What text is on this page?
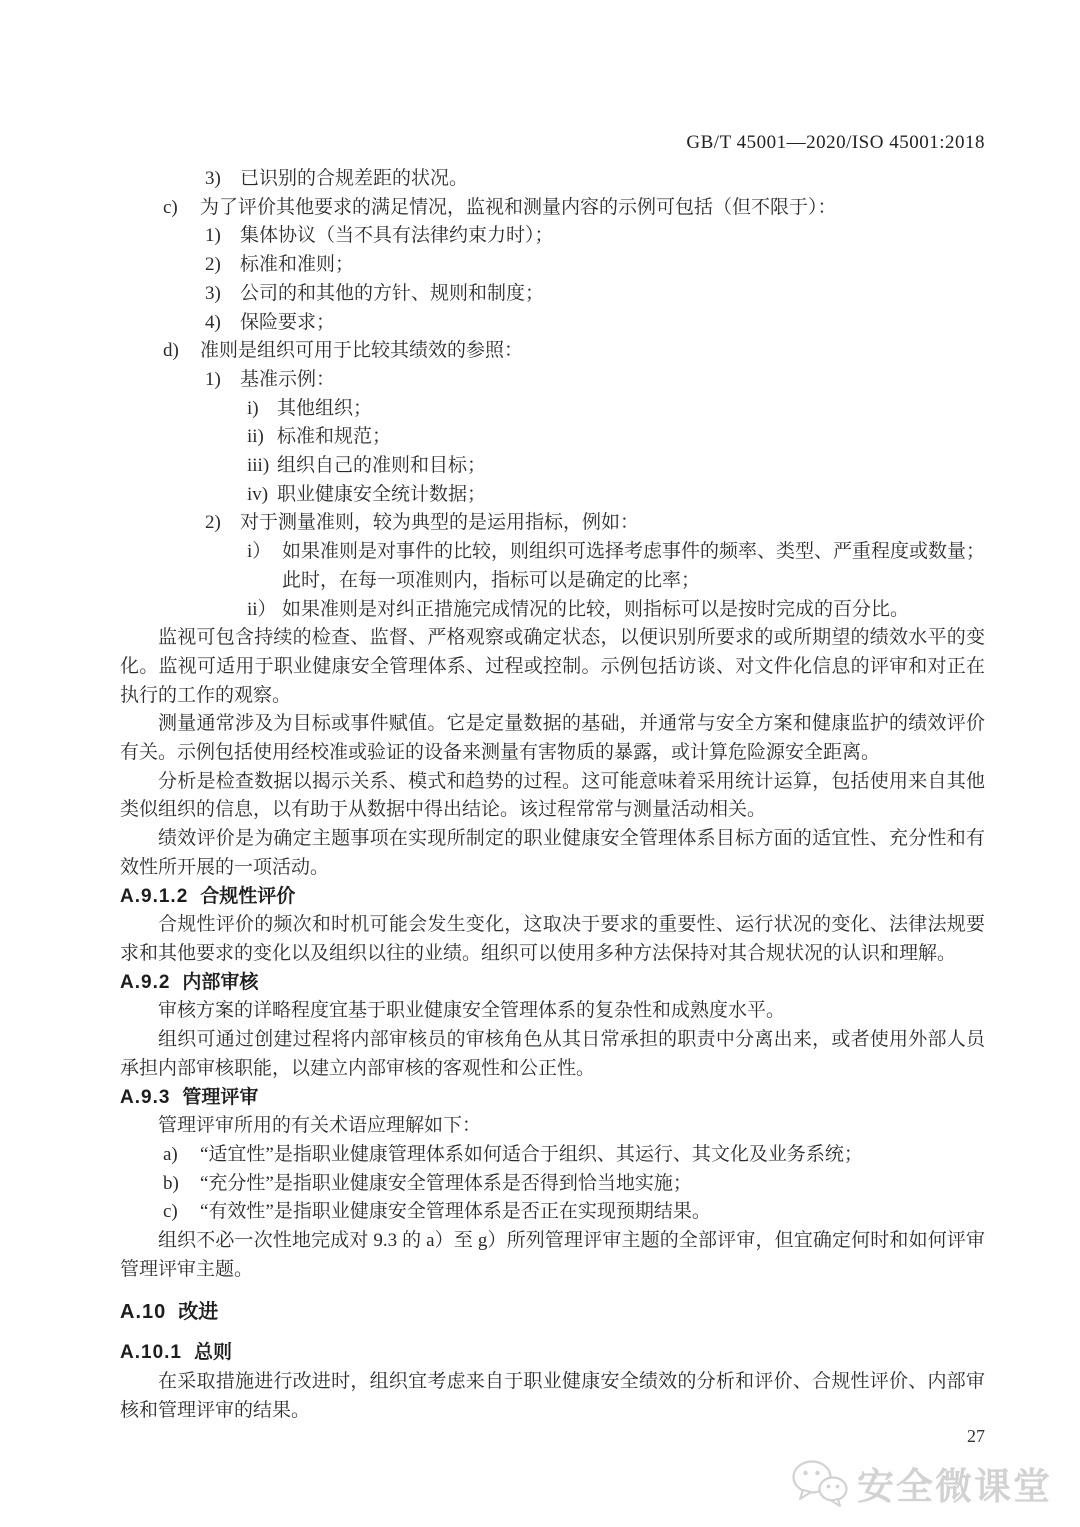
GB/T 45001—2020/ISO 45001:2018
3) 已识别的合规差距的状况。
c) 为了评价其他要求的满足情况，监视和测量内容的示例可包括（但不限于）：
1) 集体协议（当不具有法律约束力时）；
2) 标准和准则；
3) 公司的和其他的方针、规则和制度；
4) 保险要求；
d) 准则是组织可用于比较其绩效的参照：
1) 基准示例：
i) 其他组织；
ii) 标准和规范；
iii) 组织自己的准则和目标；
iv) 职业健康安全统计数据；
2) 对于测量准则，较为典型的是运用指标，例如：
i） 如果准则是对事件的比较，则组织可选择考虑事件的频率、类型、严重程度或数量；
此时，在每一项准则内，指标可以是确定的比率；
ii） 如果准则是对纠正措施完成情况的比较，则指标可以是按时完成的百分比。
监视可包含持续的检查、监督、严格观察或确定状态，以便识别所要求的或所期望的绩效水平的变化。监视可适用于职业健康安全管理体系、过程或控制。示例包括访谈、对文件化信息的评审和对正在执行的工作的观察。
测量通常涉及为目标或事件赋值。它是定量数据的基础，并通常与安全方案和健康监护的绩效评价有关。示例包括使用经校准或验证的设备来测量有害物质的暴露，或计算危险源安全距离。
分析是检查数据以揭示关系、模式和趋势的过程。这可能意味着采用统计运算，包括使用来自其他类似组织的信息，以有助于从数据中得出结论。该过程常常与测量活动相关。
绩效评价是为确定主题事项在实现所制定的职业健康安全管理体系目标方面的适宜性、充分性和有效性所开展的一项活动。
A.9.1.2 合规性评价
合规性评价的频次和时机可能会发生变化，这取决于要求的重要性、运行状况的变化、法律法规要求和其他要求的变化以及组织以往的业绩。组织可以使用多种方法保持对其合规状况的认识和理解。
A.9.2 内部审核
审核方案的详略程度宜基于职业健康安全管理体系的复杂性和成熟度水平。
组织可通过创建过程将内部审核员的审核角色从其日常承担的职责中分离出来，或者使用外部人员承担内部审核职能，以建立内部审核的客观性和公正性。
A.9.3 管理评审
管理评审所用的有关术语应理解如下：
a) “适宜性”是指职业健康管理体系如何适合于组织、其运行、其文化及业务系统；
b) “充分性”是指职业健康安全管理体系是否得到恰当地实施；
c) “有效性”是指职业健康安全管理体系是否正在实现预期结果。
组织不必一次性地完成对 9.3 的 a）至 g）所列管理评审主题的全部评审，但宜确定何时和如何评审管理评审主题。
A.10 改进
A.10.1 总则
在采取措施进行改进时，组织宜考虑来自于职业健康安全绩效的分析和评价、合规性评价、内部审核和管理评审的结果。
27
安全微课堂
